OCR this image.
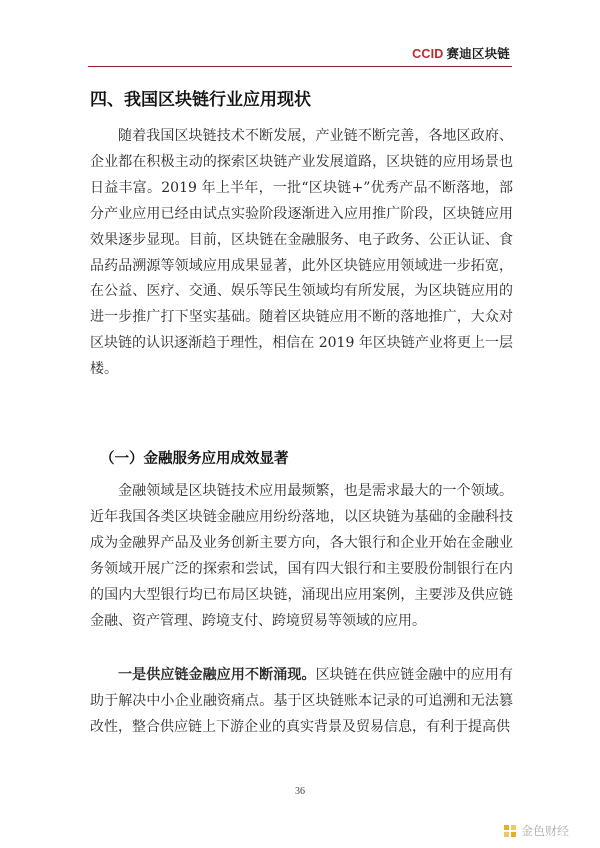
CCID 赛迪区块链
四、我国区块链行业应用现状

随着我国区块链技术不断发展，产业链不断完善，各地区政府、企业都在积极主动的探索区块链产业发展道路，区块链的应用场景也日益丰富。2019 年上半年，一批“区块链+”优秀产品不断落地，部分产业应用已经由试点实验阶段逐渐进入应用推广阶段，区块链应用效果逐步显现。目前，区块链在金融服务、电子政务、公正认证、食品药品溯源等领域应用成果显著，此外区块链应用领域进一步拓宽，在公益、医疗、交通、娱乐等民生领域均有所发展，为区块链应用的进一步推广打下坚实基础。随着区块链应用不断的落地推广，大众对区块链的认识逐渐趋于理性，相信在 2019 年区块链产业将更上一层楼。

（一）金融服务应用成效显著

金融领域是区块链技术应用最频繁，也是需求最大的一个领域。近年我国各类区块链金融应用纷纷落地，以区块链为基础的金融科技成为金融界产品及业务创新主要方向，各大银行和企业开始在金融业务领域开展广泛的探索和尝试，国有四大银行和主要股份制银行在内的国内大型银行均已布局区块链，涌现出应用案例，主要涉及供应链金融、资产管理、跨境支付、跨境贸易等领域的应用。

一是供应链金融应用不断涌现。区块链在供应链金融中的应用有助于解决中小企业融资痛点。基于区块链账本记录的可追溯和无法篡改性，整合供应链上下游企业的真实背景及贸易信息，有利于提高供

36
金色财经
